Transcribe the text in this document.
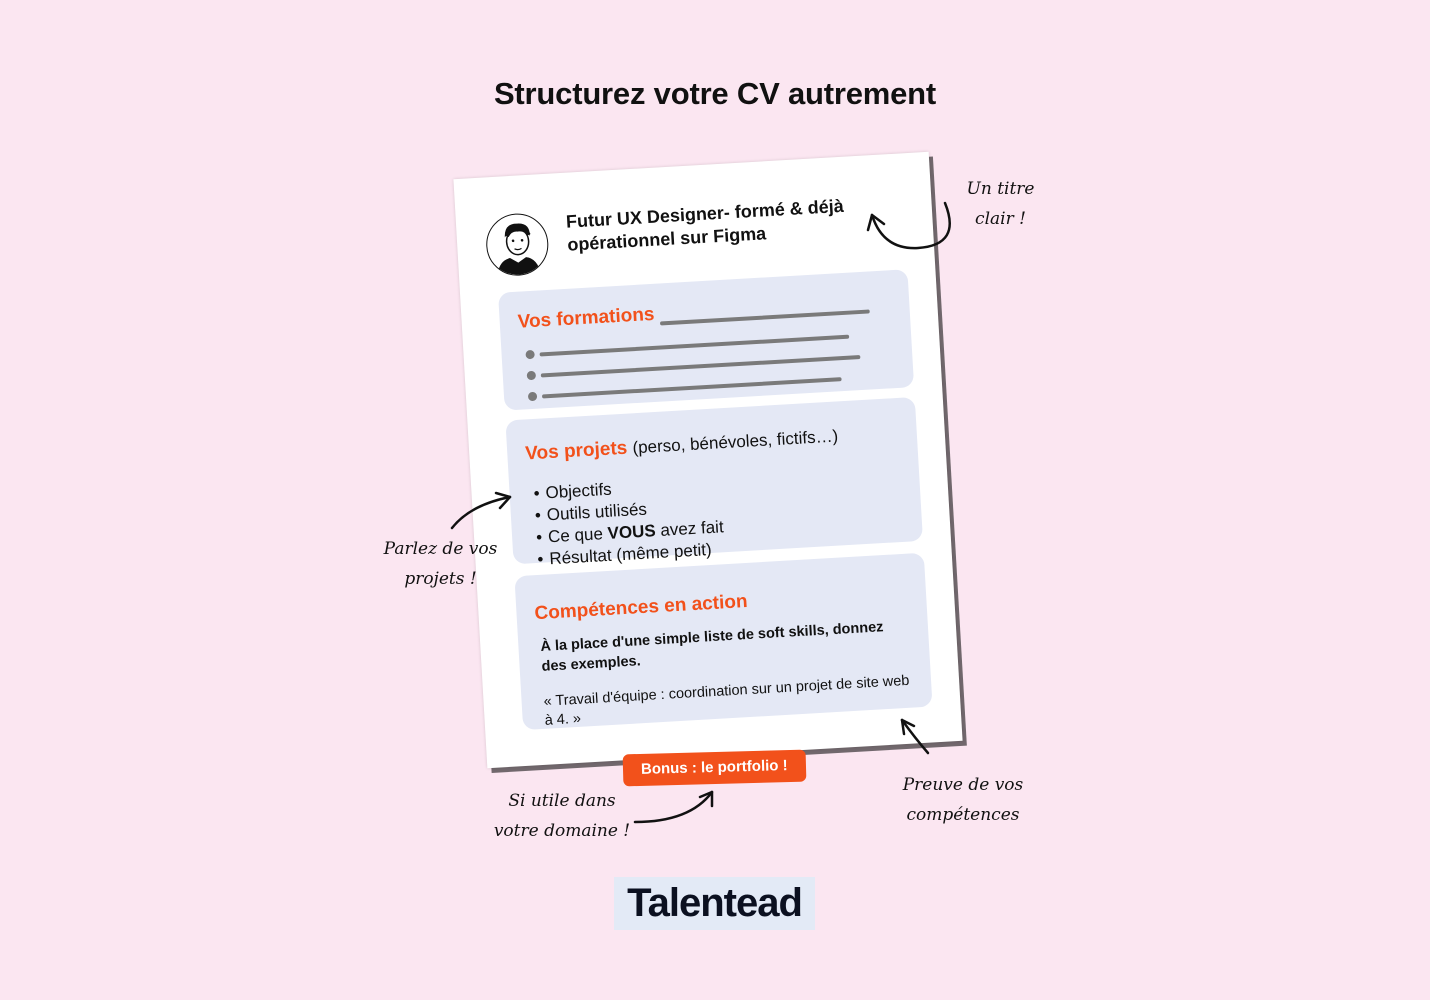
Structurez votre CV autrement
Futur UX Designer- formé & déjà opérationnel sur Figma
Vos formations
Vos projets (perso, bénévoles, fictifs…)
• Objectifs
• Outils utilisés
• Ce que VOUS avez fait
• Résultat (même petit)
Compétences en action
À la place d'une simple liste de soft skills, donnez des exemples.
« Travail d'équipe : coordination sur un projet de site web à 4. »
Bonus : le portfolio !
Un titre clair !
Parlez de vos projets !
Si utile dans votre domaine !
Preuve de vos compétences
Talentead
